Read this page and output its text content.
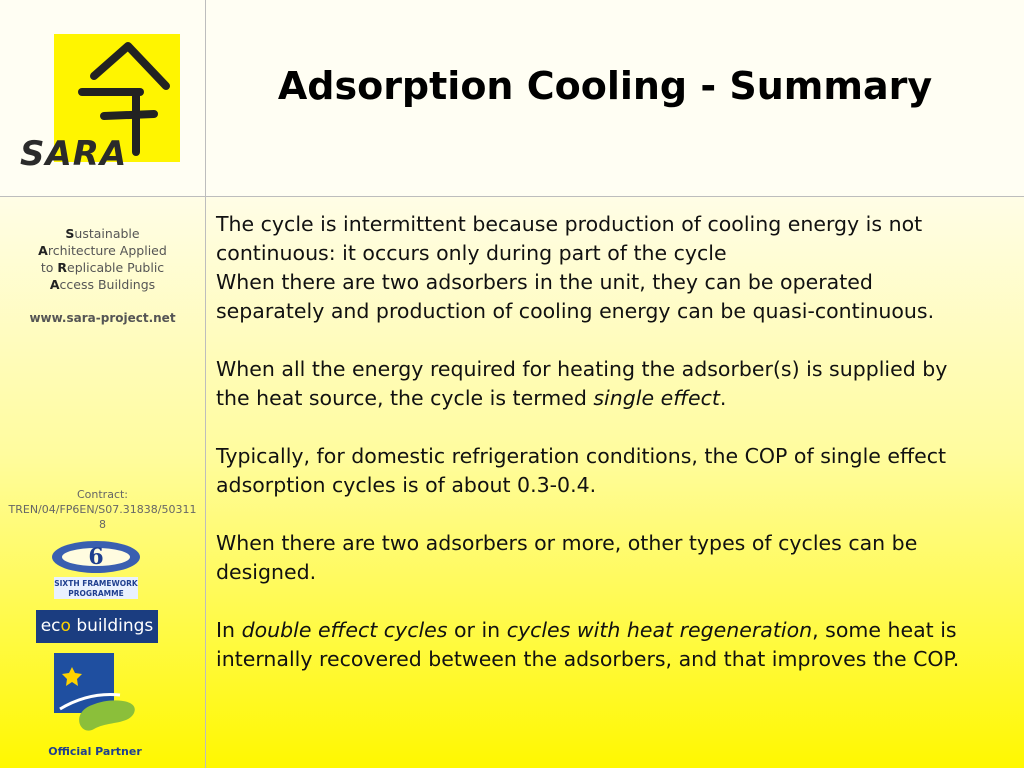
SARA
Adsorption Cooling - Summary
Sustainable
Architecture Applied
to Replicable Public
Access Buildings
www.sara-project.net
Contract: TREN/04/FP6EN/S07.31838/503118
6
SIXTH FRAMEWORK
PROGRAMME
eco buildings
Official Partner

The cycle is intermittent because production of cooling energy is not continuous: it occurs only during part of the cycle
When there are two adsorbers in the unit, they can be operated separately and production of cooling energy can be quasi-continuous.

When all the energy required for heating the adsorber(s) is supplied by the heat source, the cycle is termed single effect.

Typically, for domestic refrigeration conditions, the COP of single effect adsorption cycles is of about 0.3-0.4.

When there are two adsorbers or more, other types of cycles can be designed.

In double effect cycles or in cycles with heat regeneration, some heat is internally recovered between the adsorbers, and that improves the COP.
